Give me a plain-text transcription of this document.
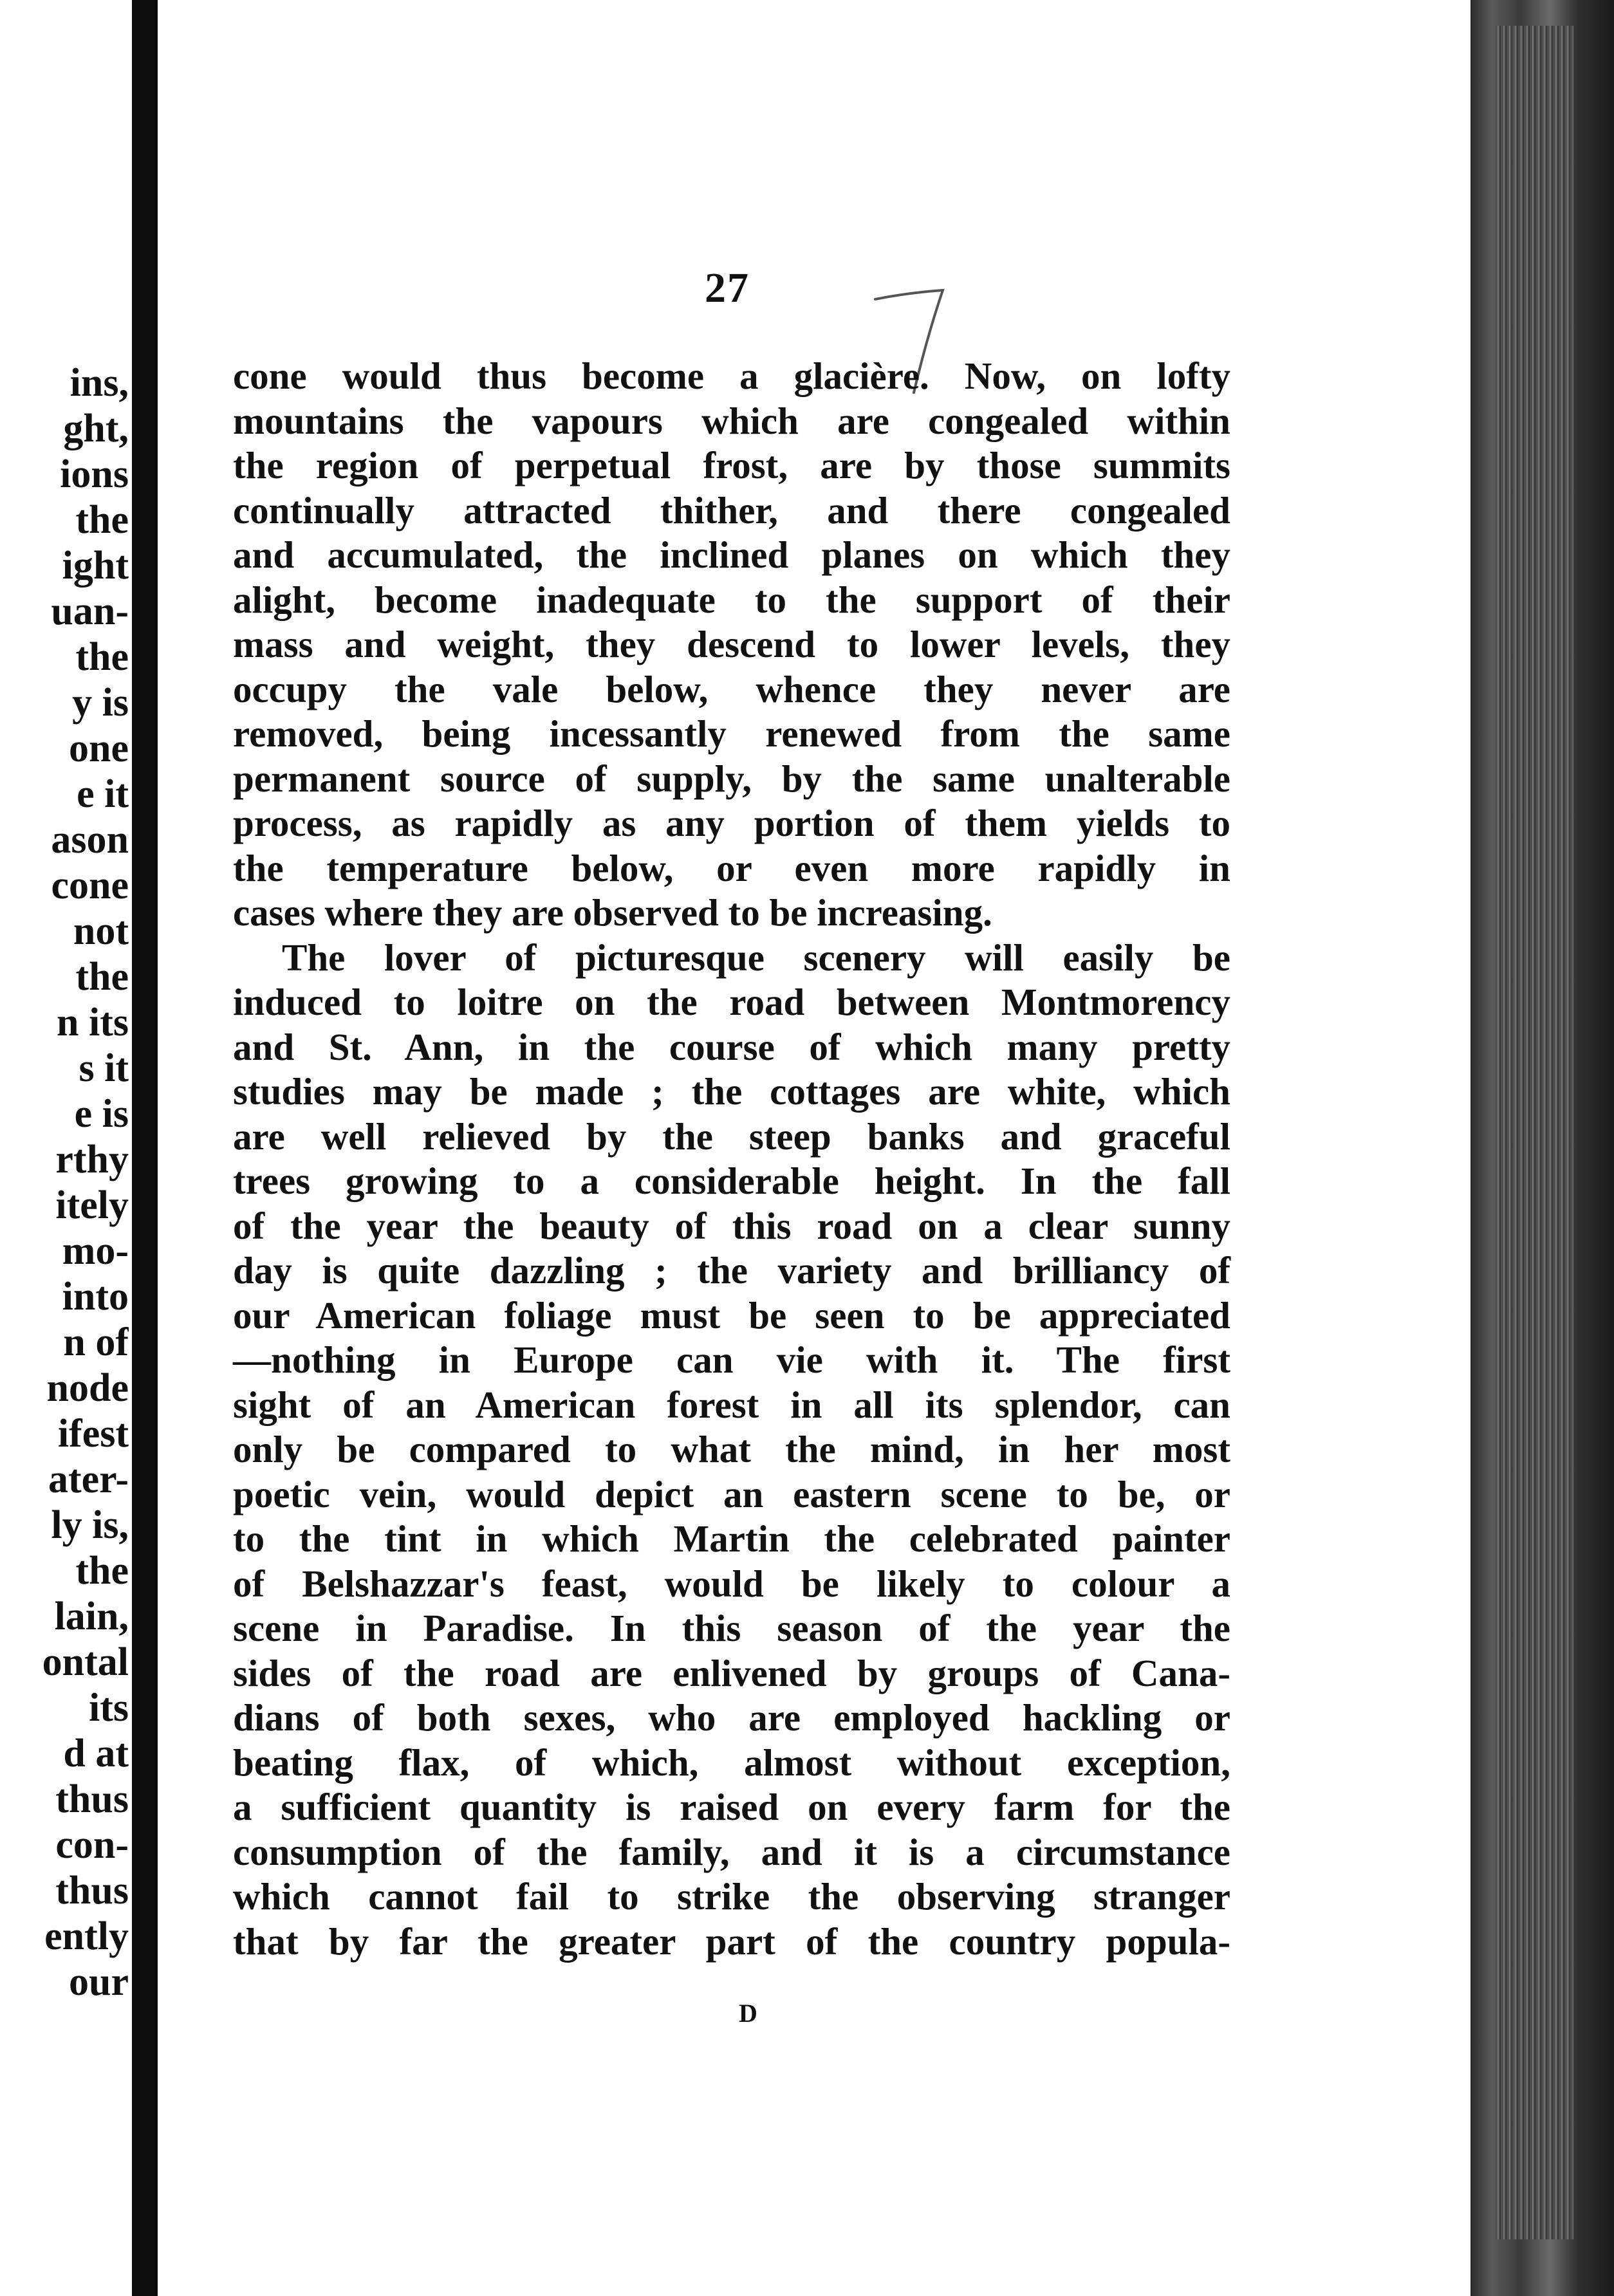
ins,
ght,
ions
the
ight
uan-
the
y is
one
e it
ason
cone
not
the
n its
s it
e is
rthy
itely
mo-
into
n of
node
ifest
ater-
ly is,
the
lain,
ontal
its
d at
thus
con-
thus
ently
our
27
cone would thus become a glacière. Now, on lofty
mountains the vapours which are congealed within
the region of perpetual frost, are by those summits
continually attracted thither, and there congealed
and accumulated, the inclined planes on which they
alight, become inadequate to the support of their
mass and weight, they descend to lower levels, they
occupy the vale below, whence they never are
removed, being incessantly renewed from the same
permanent source of supply, by the same unalterable
process, as rapidly as any portion of them yields to
the temperature below, or even more rapidly in
cases where they are observed to be increasing.
The lover of picturesque scenery will easily be
induced to loitre on the road between Montmorency
and St. Ann, in the course of which many pretty
studies may be made ; the cottages are white, which
are well relieved by the steep banks and graceful
trees growing to a considerable height. In the fall
of the year the beauty of this road on a clear sunny
day is quite dazzling ; the variety and brilliancy of
our American foliage must be seen to be appreciated
—nothing in Europe can vie with it. The first
sight of an American forest in all its splendor, can
only be compared to what the mind, in her most
poetic vein, would depict an eastern scene to be, or
to the tint in which Martin the celebrated painter
of Belshazzar's feast, would be likely to colour a
scene in Paradise. In this season of the year the
sides of the road are enlivened by groups of Cana-
dians of both sexes, who are employed hackling or
beating flax, of which, almost without exception,
a sufficient quantity is raised on every farm for the
consumption of the family, and it is a circumstance
which cannot fail to strike the observing stranger
that by far the greater part of the country popula-
D
